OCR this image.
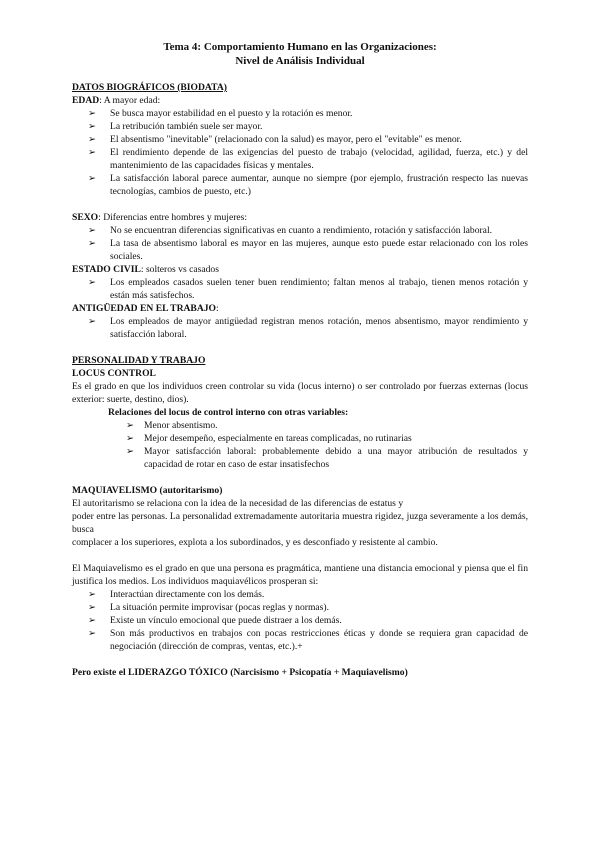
Tema 4: Comportamiento Humano en las Organizaciones:
Nivel de Análisis Individual
DATOS BIOGRÁFICOS (BIODATA)

EDAD: A mayor edad:

➢ Se busca mayor estabilidad en el puesto y la rotación es menor.
➢ La retribución también suele ser mayor.
➢ El absentismo "inevitable" (relacionado con la salud) es mayor, pero el "evitable" es menor.
➢ El rendimiento depende de las exigencias del puesto de trabajo (velocidad, agilidad, fuerza, etc.) y del mantenimiento de las capacidades físicas y mentales.
➢ La satisfacción laboral parece aumentar, aunque no siempre (por ejemplo, frustración respecto las nuevas tecnologías, cambios de puesto, etc.)

SEXO: Diferencias entre hombres y mujeres:

➢ No se encuentran diferencias significativas en cuanto a rendimiento, rotación y satisfacción laboral.
➢ La tasa de absentismo laboral es mayor en las mujeres, aunque esto puede estar relacionado con los roles sociales.

ESTADO CIVIL: solteros vs casados

➢ Los empleados casados suelen tener buen rendimiento; faltan menos al trabajo, tienen menos rotación y están más satisfechos.

ANTIGÜEDAD EN EL TRABAJO:

➢ Los empleados de mayor antigüedad registran menos rotación, menos absentismo, mayor rendimiento y satisfacción laboral.
PERSONALIDAD Y TRABAJO
LOCUS CONTROL

Es el grado en que los individuos creen controlar su vida (locus interno) o ser controlado por fuerzas externas (locus exterior: suerte, destino, dios).

Relaciones del locus de control interno con otras variables:
➢ Menor absentismo.
➢ Mejor desempeño, especialmente en tareas complicadas, no rutinarias
➢ Mayor satisfacción laboral: probablemente debido a una mayor atribución de resultados y capacidad de rotar en caso de estar insatisfechos
MAQUIAVELISMO (autoritarismo)

El autoritarismo se relaciona con la idea de la necesidad de las diferencias de estatus y

poder entre las personas. La personalidad extremadamente autoritaria muestra rigidez, juzga severamente a los demás, busca

complacer a los superiores, explota a los subordinados, y es desconfiado y resistente al cambio.

El Maquiavelismo es el grado en que una persona es pragmática, mantiene una distancia emocional y piensa que el fin justifica los medios. Los individuos maquiavélicos prosperan si:

➢ Interactúan directamente con los demás.
➢ La situación permite improvisar (pocas reglas y normas).
➢ Existe un vínculo emocional que puede distraer a los demás.
➢ Son más productivos en trabajos con pocas restricciones éticas y donde se requiera gran capacidad de negociación (dirección de compras, ventas, etc.).+

Pero existe el LIDERAZGO TÓXICO (Narcisismo + Psicopatía + Maquiavelismo)
